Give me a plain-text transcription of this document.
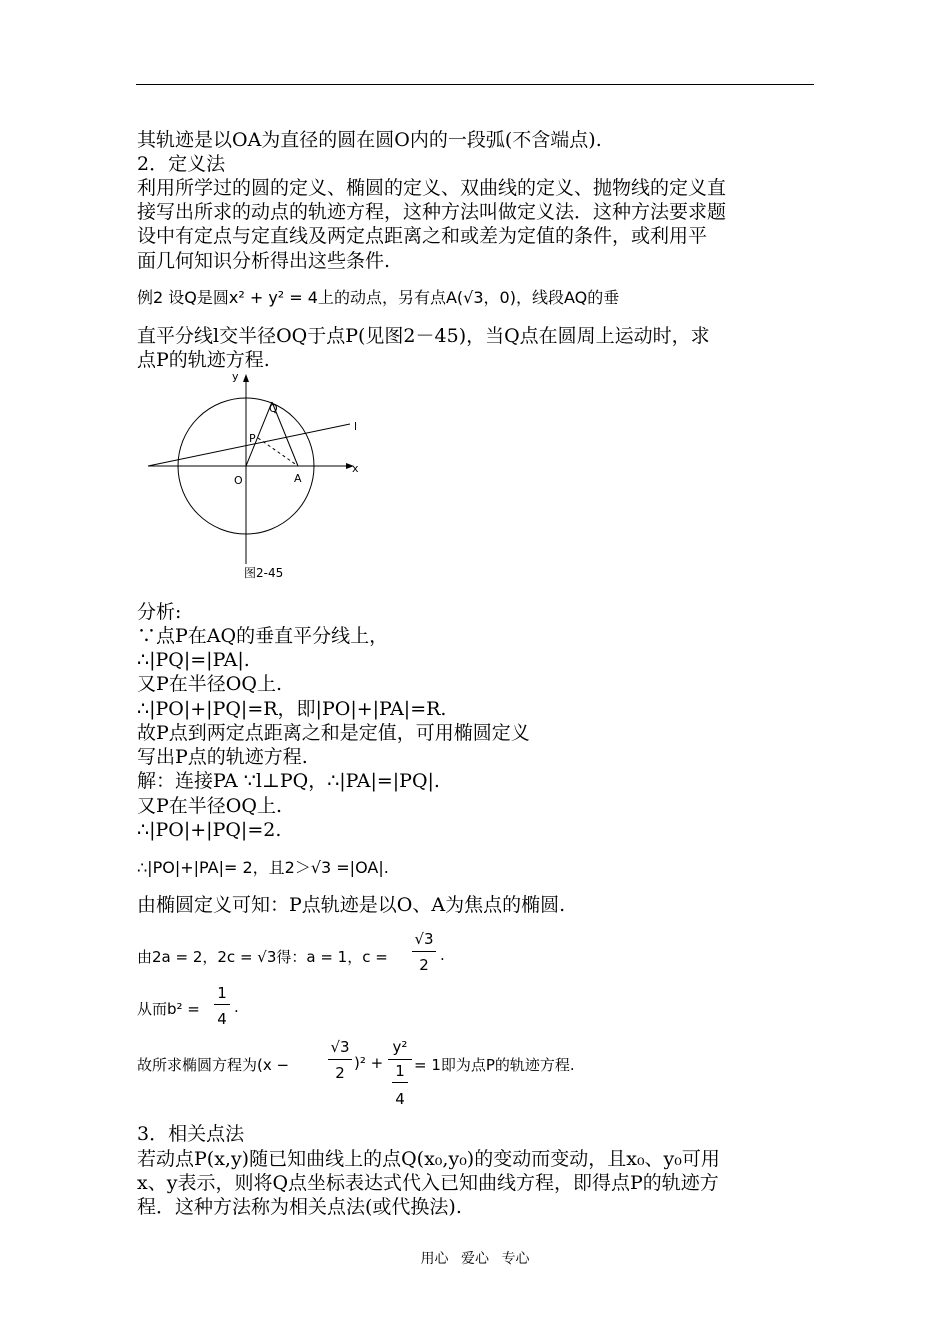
其轨迹是以OA为直径的圆在圆O内的一段弧(不含端点).
2．定义法
利用所学过的圆的定义、椭圆的定义、双曲线的定义、抛物线的定义直
接写出所求的动点的轨迹方程，这种方法叫做定义法．这种方法要求题
设中有定点与定直线及两定点距离之和或差为定值的条件，或利用平
面几何知识分析得出这些条件.
例2 设Q是圆x² + y² = 4上的动点，另有点A(√3，0)，线段AQ的垂
直平分线l交半径OQ于点P(见图2－45)，当Q点在圆周上运动时，求
点P的轨迹方程.
y
x
Q
P
O	A
l
图2-45
分析:
∵点P在AQ的垂直平分线上，
∴|PQ|=|PA|.
又P在半径OQ上.
∴|PO|+|PQ|=R，即|PO|+|PA|=R.
故P点到两定点距离之和是定值，可用椭圆定义
写出P点的轨迹方程.
解：连接PA ∵l⊥PQ，∴|PA|=|PQ|.
又P在半径OQ上.
∴|PO|+|PQ|=2.
∴|PO|+|PA|= 2，且2＞√3 =|OA|.
由椭圆定义可知：P点轨迹是以O、A为焦点的椭圆.
由2a = 2，2c = √3得：a = 1，c =
√3
2
.
从而b² =
1
4
.
故所求椭圆方程为(x −
√3
2
)² +
y²
1
4
= 1即为点P的轨迹方程.
3．相关点法
若动点P(x,y)随已知曲线上的点Q(x₀,y₀)的变动而变动，且x₀、y₀可用
x、y表示，则将Q点坐标表达式代入已知曲线方程，即得点P的轨迹方
程．这种方法称为相关点法(或代换法).
用心 爱心 专心
